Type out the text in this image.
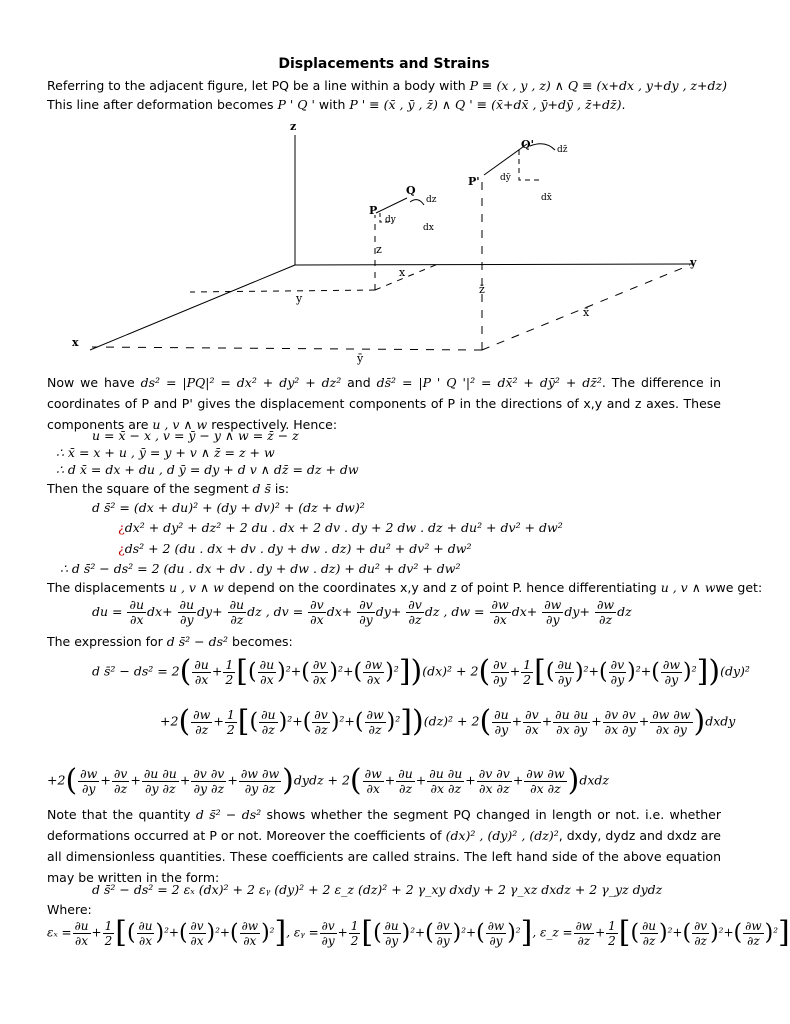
Displacements and Strains
Referring to the adjacent figure, let PQ be a line within a body with P ≡ (x , y , z) ∧ Q ≡ (x+dx , y+dy , z+dz)
This line after deformation becomes P ' Q ' with P ' ≡ (x̄ , ȳ , z̄) ∧ Q ' ≡ (x̄+dx̄ , ȳ+dȳ , z̄+dz̄).
z
y
x
y
ȳ
x̄
z̄
x
z
P
Q
dy
dz
dx
P'
Q'
dȳ
dz̄
dx̄
Now we have ds² = |PQ|² = dx² + dy² + dz² and ds̄² = |P ' Q '|² = dx̄² + dȳ² + dz̄². The difference in coordinates of P and P' gives the displacement components of P in the directions of x,y and z axes. These components are u , v ∧ w respectively. Hence:
u = x̄ − x , v = ȳ − y ∧ w = z̄ − z
∴ x̄ = x + u , ȳ = y + v ∧ z̄ = z + w
∴ d x̄ = dx + du , d ȳ = dy + d v ∧ dz̄ = dz + dw
Then the square of the segment d s̄ is:
d s̄² = (dx + du)² + (dy + dv)² + (dz + dw)²
¿dx² + dy² + dz² + 2 du . dx + 2 dv . dy + 2 dw . dz + du² + dv² + dw²
¿ds² + 2 (du . dx + dv . dy + dw . dz) + du² + dv² + dw²
∴ d s̄² − ds² = 2 (du . dx + dv . dy + dw . dz) + du² + dv² + dw²
The displacements u , v ∧ w depend on the coordinates x,y and z of point P. hence differentiating u , v ∧ wwe get:
du = $\frac{\partial u}{\partial x} dx+ \frac{\partial u}{\partial y} dy+ \frac{\partial u}{\partial z}$ dz , dv = $\frac{\partial v}{\partial x} dx+ \frac{\partial v}{\partial y} dy+ \frac{\partial v}{\partial z}$ dz , dw = $\frac{\partial w}{\partial x} dx+ \frac{\partial w}{\partial y} dy+ \frac{\partial w}{\partial z}$ dz
The expression for d s̄² − ds² becomes:
d s̄² − $ds^2 = 2( \frac{\partial u}{\partial x} + \frac{1}{2}$ [( $\frac{\partial u}{\partial x} )^2+( \frac{\partial v}{\partial x} )^2+( \frac{\partial w}{\partial x} )^2])(dx)^2 + 2( \frac{\partial v}{\partial y} + \frac{1}{2}$ [( $\frac{\partial u}{\partial y} )^2+( \frac{\partial v}{\partial y} )^2+( \frac{\partial w}{\partial y} )^2])(dy)^2$
$+2( \frac{\partial w}{\partial z} + \frac{1}{2}$ [( $\frac{\partial u}{\partial z} )^2+( \frac{\partial v}{\partial z} )^2+( \frac{\partial w}{\partial z} )^2])(dz)^2 + 2( \frac{\partial u}{\partial y} + \frac{\partial v}{\partial x} + \frac{\partial u \partial u}{\partial x \partial y} + \frac{\partial v \partial v}{\partial x \partial y} + \frac{\partial w \partial w}{\partial x \partial y}$ )dxdy
$+2( \frac{\partial w}{\partial y} + \frac{\partial v}{\partial z} + \frac{\partial u \partial u}{\partial y \partial z} + \frac{\partial v \partial v}{\partial y \partial z} + \frac{\partial w \partial w}{\partial y \partial z}$ )dydz + $2( \frac{\partial w}{\partial x} + \frac{\partial u}{\partial z} + \frac{\partial u \partial u}{\partial x \partial z} + \frac{\partial v \partial v}{\partial x \partial z} + \frac{\partial w \partial w}{\partial x \partial z}$ )dxdz
Note that the quantity d s̄² − ds² shows whether the segment PQ changed in length or not. i.e. whether deformations occurred at P or not. Moreover the coefficients of (dx)² , (dy)² , (dz)², dxdy, dydz and dxdz are all dimensionless quantities. These coefficients are called strains. The left hand side of the above equation may be written in the form:
d s̄² − ds² = 2 εₓ (dx)² + 2 εᵧ (dy)² + 2 ε_z (dz)² + 2 γ_xy dxdy + 2 γ_xz dxdz + 2 γ_yz dydz
Where:
$\varepsilon_x = \frac{\partial u}{\partial x} + \frac{1}{2}$ [( $\frac{\partial u}{\partial x} )^2+( \frac{\partial v}{\partial x} )^2+( \frac{\partial w}{\partial x} )^2$], εᵧ = $\frac{\partial v}{\partial y} + \frac{1}{2}$ [( $\frac{\partial u}{\partial y} )^2+( \frac{\partial v}{\partial y} )^2+( \frac{\partial w}{\partial y} )^2$], ε_z = $\frac{\partial w}{\partial z} + \frac{1}{2}$ [( $\frac{\partial u}{\partial z} )^2+( \frac{\partial v}{\partial z} )^2+( \frac{\partial w}{\partial z} )^2$]
